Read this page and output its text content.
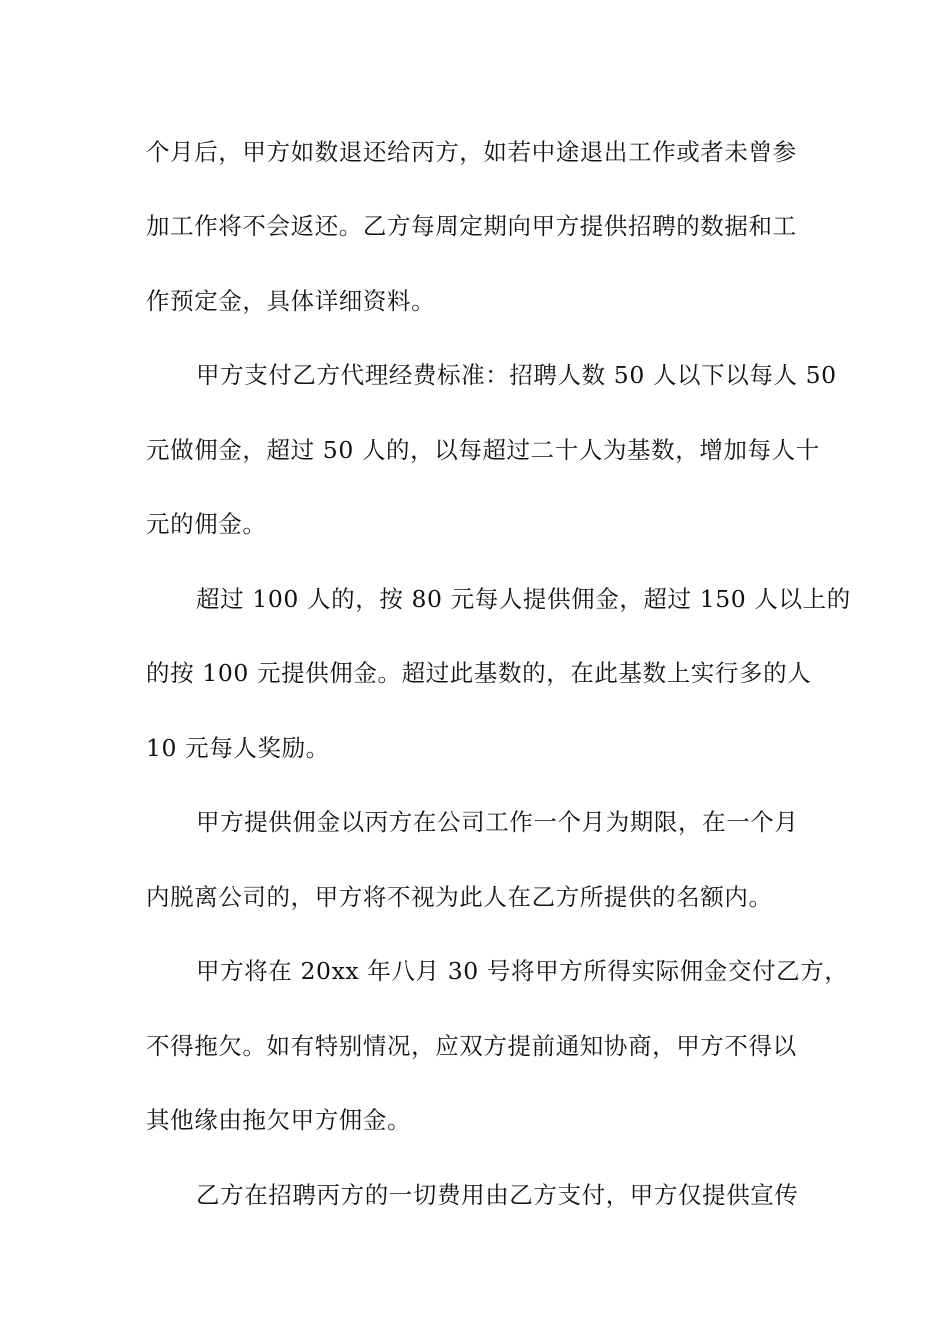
个月后，甲方如数退还给丙方，如若中途退出工作或者未曾参
加工作将不会返还。乙方每周定期向甲方提供招聘的数据和工
作预定金，具体详细资料。
甲方支付乙方代理经费标准：招聘人数 50 人以下以每人 50
元做佣金，超过 50 人的，以每超过二十人为基数，增加每人十
元的佣金。
超过 100 人的，按 80 元每人提供佣金，超过 150 人以上的
的按 100 元提供佣金。超过此基数的，在此基数上实行多的人
10 元每人奖励。
甲方提供佣金以丙方在公司工作一个月为期限，在一个月
内脱离公司的，甲方将不视为此人在乙方所提供的名额内。
甲方将在 20xx 年八月 30 号将甲方所得实际佣金交付乙方，
不得拖欠。如有特别情况，应双方提前通知协商，甲方不得以
其他缘由拖欠甲方佣金。
乙方在招聘丙方的一切费用由乙方支付，甲方仅提供宣传
